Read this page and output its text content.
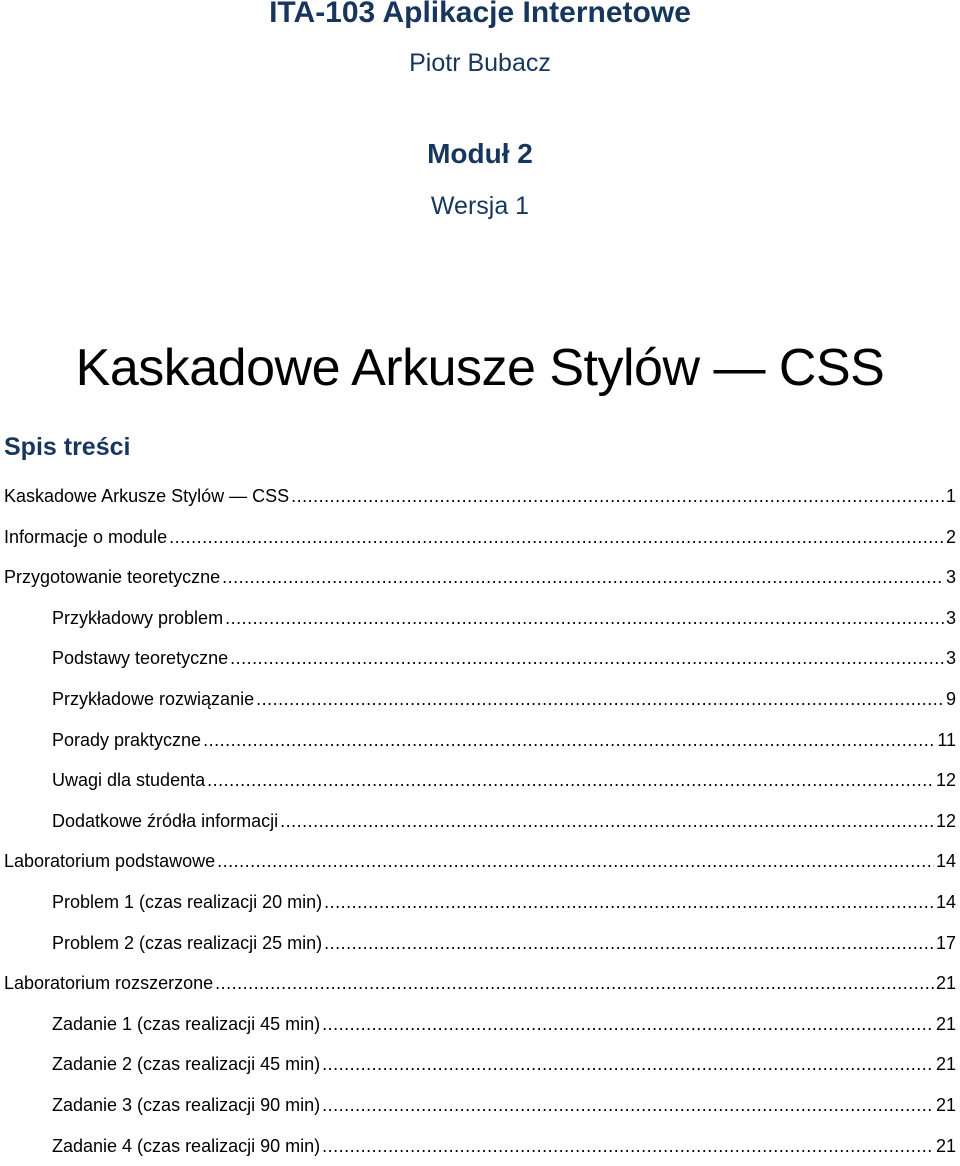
ITA-103 Aplikacje Internetowe
Piotr Bubacz
Moduł 2
Wersja 1
Kaskadowe Arkusze Stylów — CSS
Spis treści
Kaskadowe Arkusze Stylów — CSS .....	1
Informacje o module .....	2
Przygotowanie teoretyczne .....	3
Przykładowy problem .....	3
Podstawy teoretyczne .....	3
Przykładowe rozwiązanie .....	9
Porady praktyczne .....	11
Uwagi dla studenta .....	12
Dodatkowe źródła informacji .....	12
Laboratorium podstawowe .....	14
Problem 1 (czas realizacji 20 min) .....	14
Problem 2 (czas realizacji 25 min) .....	17
Laboratorium rozszerzone .....	21
Zadanie 1 (czas realizacji 45 min) .....	21
Zadanie 2 (czas realizacji 45 min) .....	21
Zadanie 3 (czas realizacji 90 min) .....	21
Zadanie 4 (czas realizacji 90 min) .....	21
